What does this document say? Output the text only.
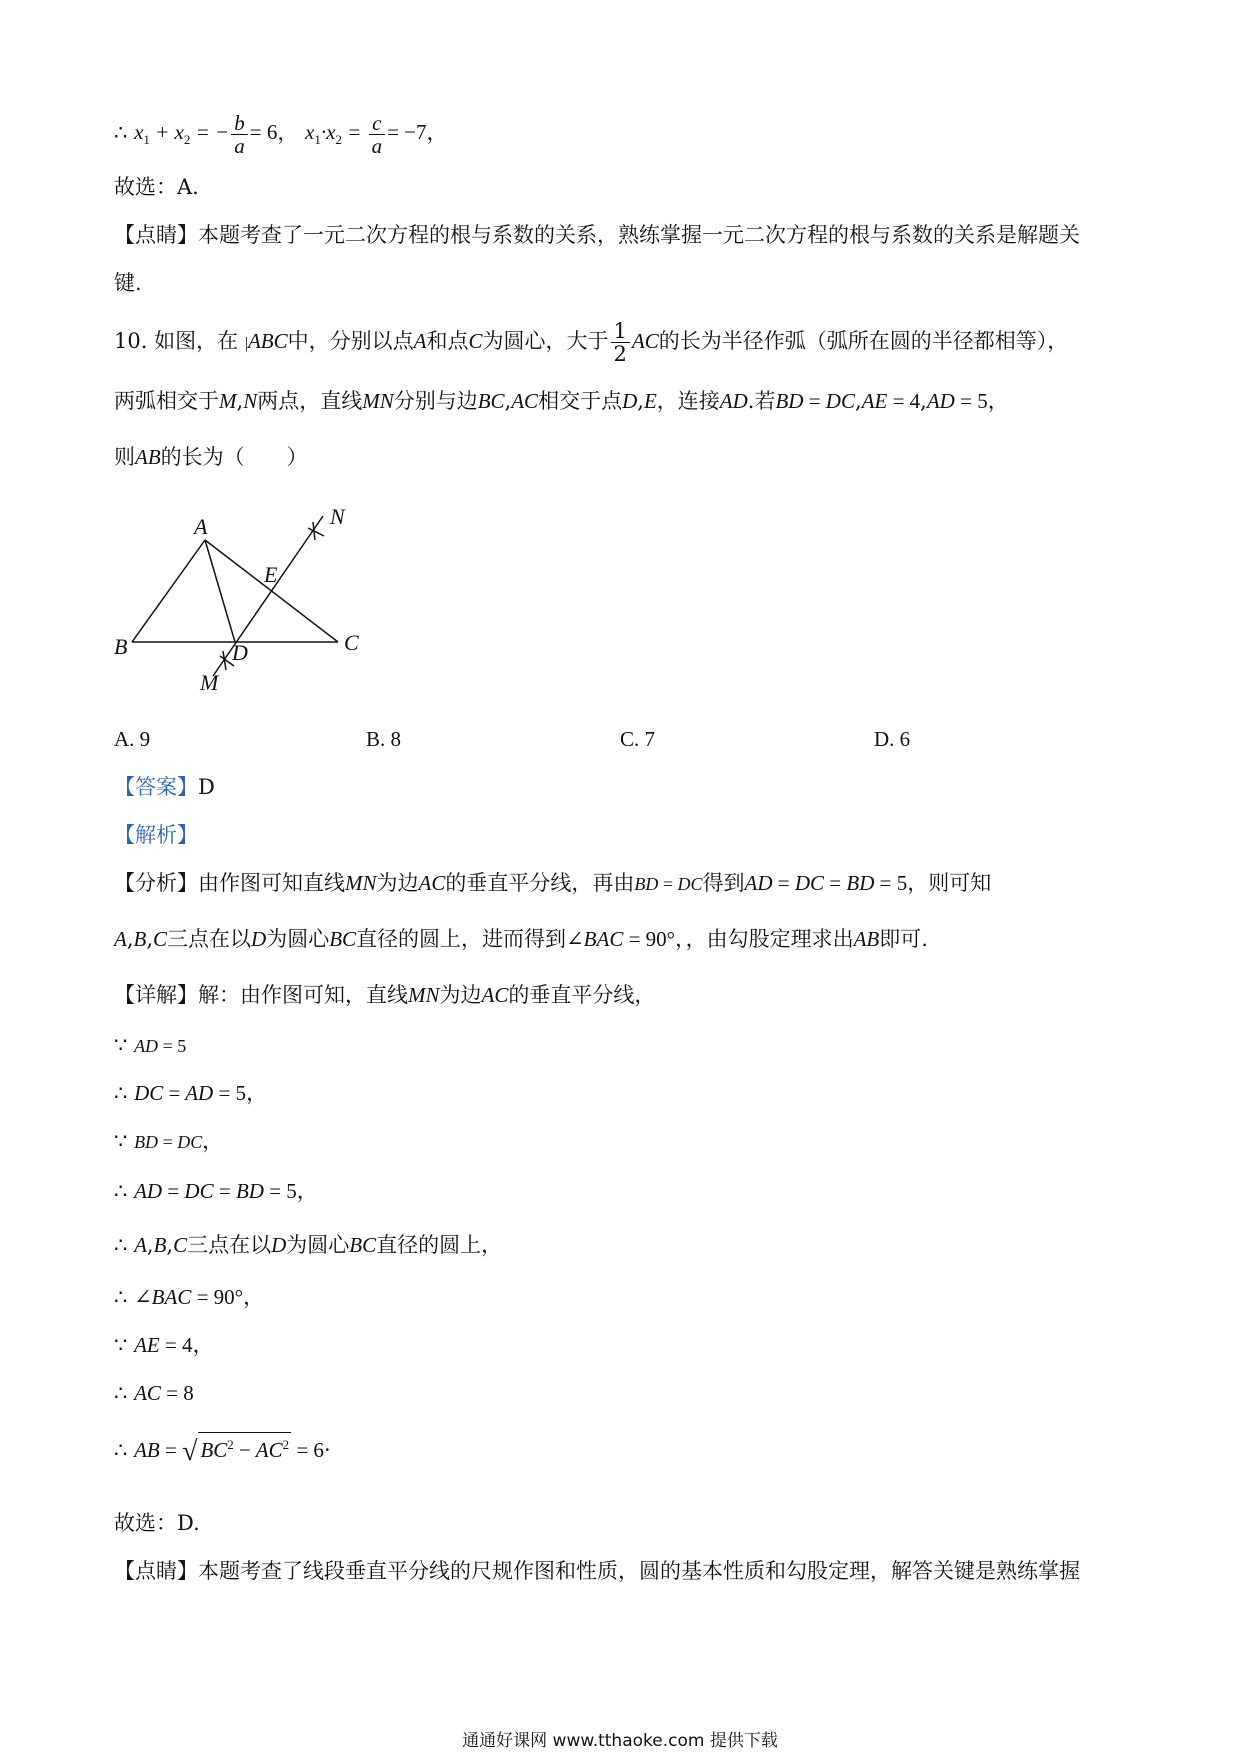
∴ $x_1 + x_2$ = − $\frac{b}{a} = 6$， $x_1\cdot x_2 = \frac{c}{a} = -7$，
故选：A.
【点睛】本题考查了一元二次方程的根与系数的关系，熟练掌握一元二次方程的根与系数的关系是解题关
键.
10. 如图，在 |ABC中，分别以点A和点C为圆心，大于 $\frac{1}{2}$ AC的长为半径作弧（弧所在圆的半径都相等），
两弧相交于M,N两点，直线MN分别与边BC,AC相交于点D,E，连接AD.若BD = DC,AE = 4,AD = 5，
则AB的长为（　　）
A
B	C
D
E
M
N
A. 9	B. 8	C. 7	D. 6
【答案】D
【解析】
【分析】由作图可知直线MN为边AC的垂直平分线，再由BD = DC得到AD = DC = BD = 5，则可知
A,B,C三点在以D为圆心BC直径的圆上，进而得到∠BAC = 90°，，由勾股定理求出AB即可.
【详解】解：由作图可知，直线MN为边AC的垂直平分线，
∵ AD = 5
∴ DC = AD = 5，
∵ BD = DC，
∴ AD = DC = BD = 5，
∴ A,B,C三点在以D为圆心BC直径的圆上，
∴ ∠BAC = 90°，
∵ AE = 4，
∴ AC = 8
∴ AB = √ $BC^2 - AC^2 = 6\cdot$
故选：D.
【点睛】本题考查了线段垂直平分线的尺规作图和性质，圆的基本性质和勾股定理，解答关键是熟练掌握
通通好课网 www.tthaoke.com 提供下载
